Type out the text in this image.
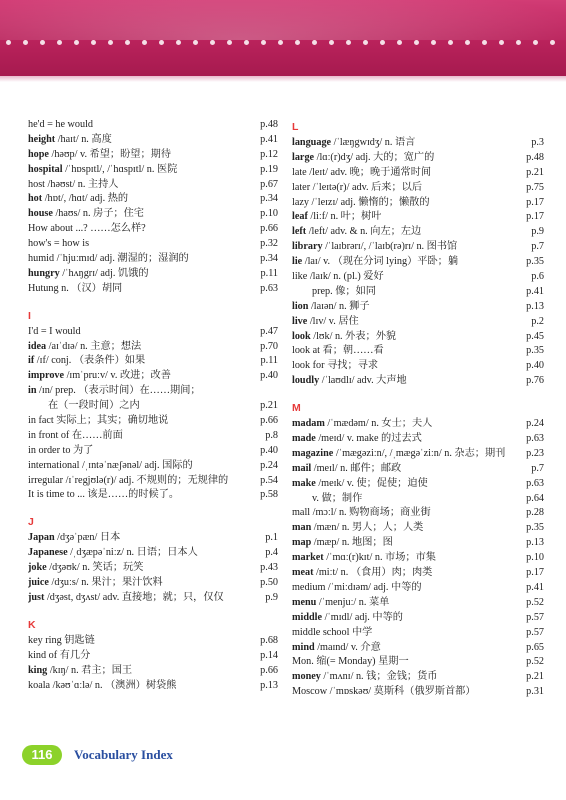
he'd = he would	p.48
height /haɪt/ n. 高度	p.41
hope /həʊp/ v. 希望；盼望；期待	p.12
hospital /ˈhɒspɪtl/, /ˈhɑspɪtl/ n. 医院	p.19
host /həʊst/ n. 主持人	p.67
hot /hɒt/, /hɑt/ adj. 热的	p.34
house /haʊs/ n. 房子；住宅	p.10
How about ...? ……怎么样?	p.66
how's = how is	p.32
humid /ˈhjuːmɪd/ adj. 潮湿的；湿润的	p.34
hungry /ˈhʌŋgrɪ/ adj. 饥饿的	p.11
Hutung n. （汉）胡同	p.63
I
I'd = I would	p.47
idea /aɪˈdɪə/ n. 主意；想法	p.70
if /ɪf/ conj. （表条件）如果	p.11
improve /ɪmˈpruːv/ v. 改进；改善	p.40
in /ɪn/ prep. （表示时间）在……期间；
在（一段时间）之内	p.21
in fact 实际上；其实；确切地说	p.66
in front of 在……前面	p.8
in order to 为了	p.40
international /ˌɪntəˈnæʃənəl/ adj. 国际的	p.24
irregular /ɪˈregjʊlə(r)/ adj. 不规则的；无规律的	p.54
It is time to ... 该是……的时候了。	p.58
J
Japan /dʒəˈpæn/ 日本	p.1
Japanese /ˌdʒæpəˈniːz/ n. 日语；日本人	p.4
joke /dʒəʊk/ n. 笑话；玩笑	p.43
juice /dʒuːs/ n. 果汁；果汁饮料	p.50
just /dʒəst, dʒʌst/ adv. 直接地；就；只，仅仅	p.9
K
key ring 钥匙链	p.68
kind of 有几分	p.14
king /kɪŋ/ n. 君主；国王	p.66
koala /kəʊˈɑːlə/ n. （澳洲）树袋熊	p.13
L
language /ˈlæŋgwɪdʒ/ n. 语言	p.3
large /lɑː(r)dʒ/ adj. 大的；宽广的	p.48
late /leɪt/ adv. 晚；晚于通常时间	p.21
later /ˈleɪtə(r)/ adv. 后来；以后	p.75
lazy /ˈleɪzɪ/ adj. 懒惰的；懒散的	p.17
leaf /liːf/ n. 叶；树叶	p.17
left /left/ adv. & n. 向左；左边	p.9
library /ˈlaɪbrərɪ/, /ˈlaɪb(rə)rɪ/ n. 图书馆	p.7
lie /laɪ/ v. （现在分词 lying）平卧；躺	p.35
like /laɪk/ n. (pl.) 爱好	p.6
prep. 像；如同	p.41
lion /laɪən/ n. 狮子	p.13
live /lɪv/ v. 居住	p.2
look /lʊk/ n. 外表；外貌	p.45
look at 看；朝……看	p.35
look for 寻找；寻求	p.40
loudly /ˈlaʊdlɪ/ adv. 大声地	p.76
M
madam /ˈmædəm/ n. 女士；夫人	p.24
made /meɪd/ v. make 的过去式	p.63
magazine /ˈmægəziːn/, /ˌmægəˈziːn/ n. 杂志；期刊 p.23
mail /meɪl/ n. 邮件；邮政	p.7
make /meɪk/ v. 使；促使；迫使	p.63
v. 做；制作	p.64
mall /mɔːl/ n. 购物商场；商业街	p.28
man /mæn/ n. 男人；人；人类	p.35
map /mæp/ n. 地图；图	p.13
market /ˈmɑː(r)kɪt/ n. 市场；市集	p.10
meat /miːt/ n. （食用）肉；肉类	p.17
medium /ˈmiːdɪəm/ adj. 中等的	p.41
menu /ˈmenjuː/ n. 菜单	p.52
middle /ˈmɪdl/ adj. 中等的	p.57
middle school 中学	p.57
mind /maɪnd/ v. 介意	p.65
Mon. 缩(= Monday) 星期一	p.52
money /ˈmʌnɪ/ n. 钱；金钱；货币	p.21
Moscow /ˈmɒskəʊ/ 莫斯科（俄罗斯首都）	p.31
116	Vocabulary Index
